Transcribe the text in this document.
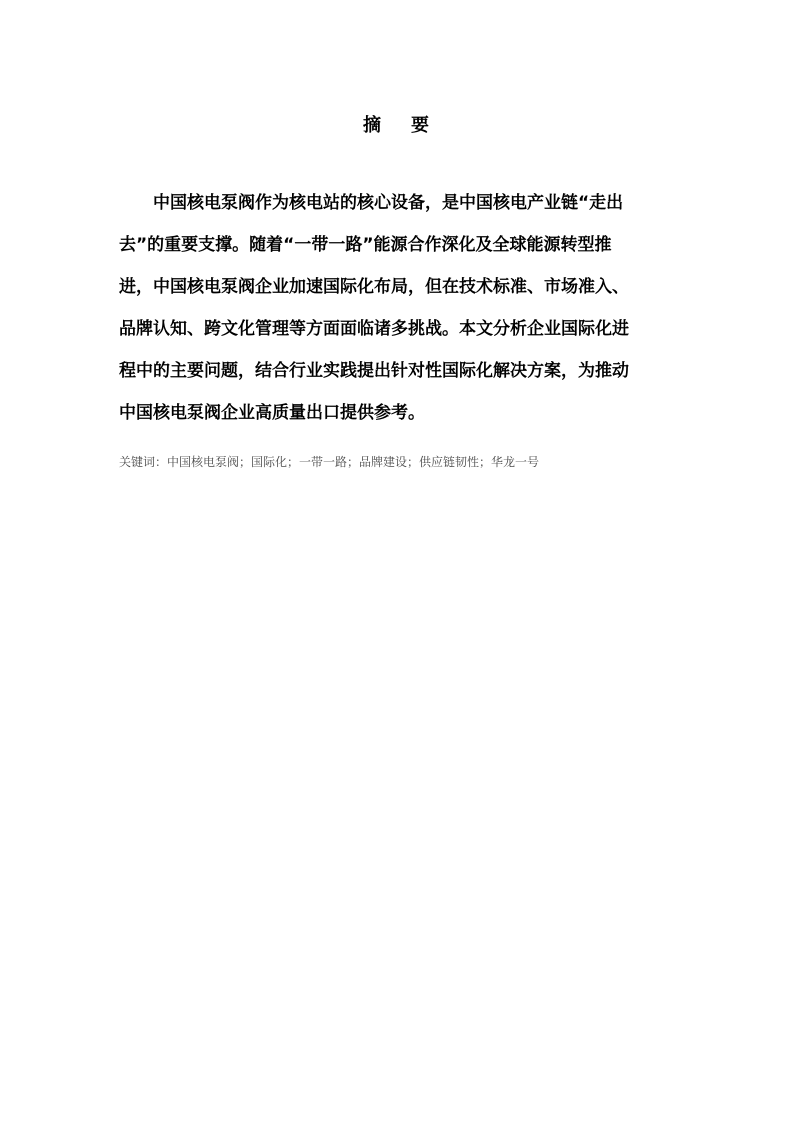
摘    要
中国核电泵阀作为核电站的核心设备，是中国核电产业链“走出
去”的重要支撑。随着“一带一路”能源合作深化及全球能源转型推
进，中国核电泵阀企业加速国际化布局，但在技术标准、市场准入、
品牌认知、跨文化管理等方面面临诸多挑战。本文分析企业国际化进
程中的主要问题，结合行业实践提出针对性国际化解决方案，为推动
中国核电泵阀企业高质量出口提供参考。
关键词：中国核电泵阀；国际化；一带一路；品牌建设；供应链韧性；华龙一号
